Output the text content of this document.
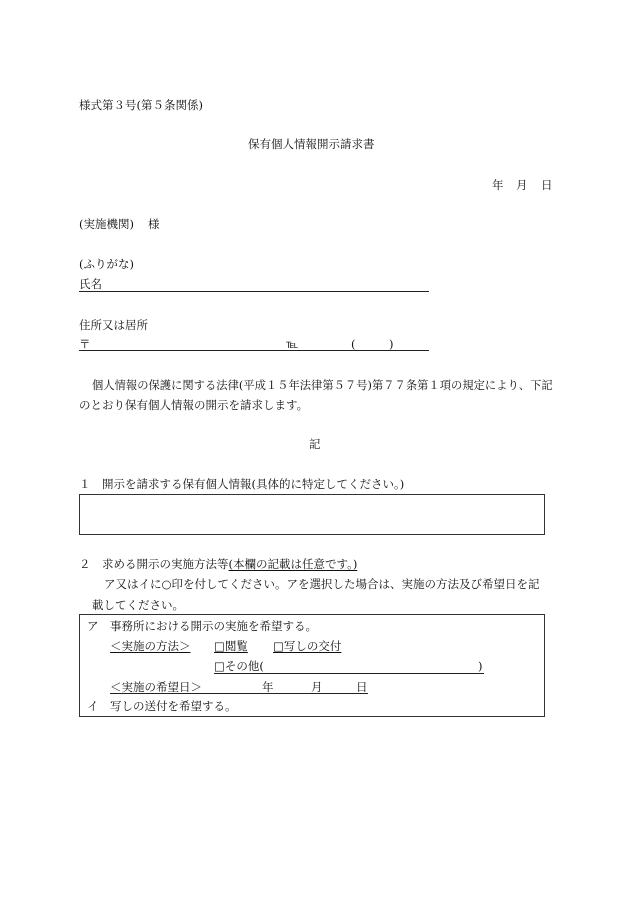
様式第３号(第５条関係)
保有個人情報開示請求書
年 月 日
(実施機関) 様
(ふりがな)
氏名
住所又は居所
〒	℡	(	)
個人情報の保護に関する法律(平成１５年法律第５７号)第７７条第１項の規定により、下記
のとおり保有個人情報の開示を請求します。
記
１　開示を請求する保有個人情報(具体的に特定してください。)
２　求める開示の実施方法等(本欄の記載は任意です。)
ア又はイに○印を付してください。アを選択した場合は、実施の方法及び希望日を記
載してください。
ア　事務所における開示の実施を希望する。
＜実施の方法＞ □閲覧 □写しの交付
□その他(	)
＜実施の希望日＞	年	月	日
イ　写しの送付を希望する。
